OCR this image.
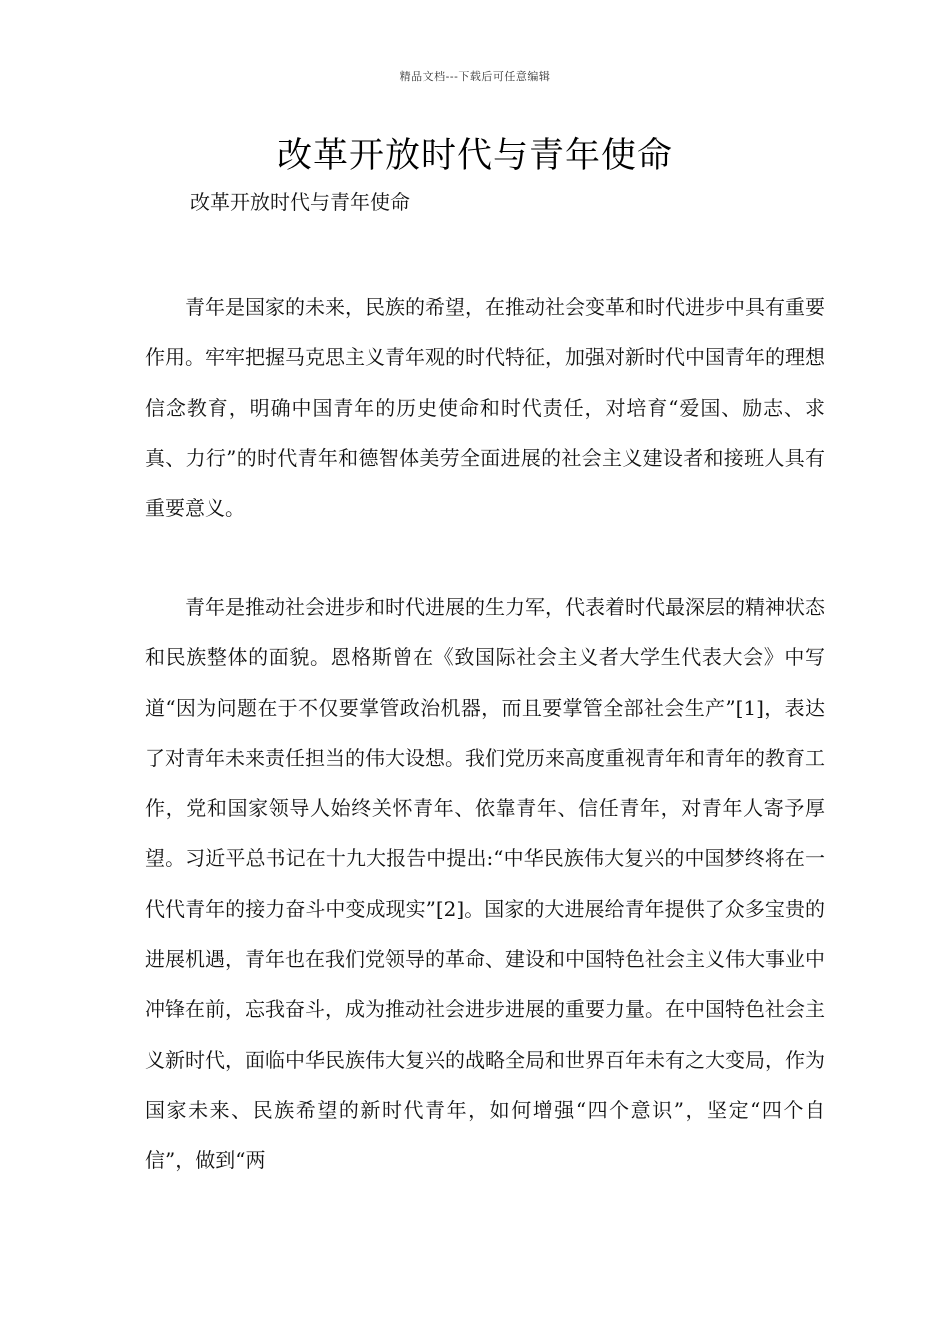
精品文档---下载后可任意编辑
改革开放时代与青年使命
改革开放时代与青年使命

青年是国家的未来，民族的希望，在推动社会变革和时代进步中具有重要作用。牢牢把握马克思主义青年观的时代特征，加强对新时代中国青年的理想信念教育，明确中国青年的历史使命和时代责任，对培育“爱国、励志、求真、力行”的时代青年和德智体美劳全面进展的社会主义建设者和接班人具有重要意义。

青年是推动社会进步和时代进展的生力军，代表着时代最深层的精神状态和民族整体的面貌。恩格斯曾在《致国际社会主义者大学生代表大会》中写道“因为问题在于不仅要掌管政治机器，而且要掌管全部社会生产”[1]，表达了对青年未来责任担当的伟大设想。我们党历来高度重视青年和青年的教育工作，党和国家领导人始终关怀青年、依靠青年、信任青年，对青年人寄予厚望。习近平总书记在十九大报告中提出:“中华民族伟大复兴的中国梦终将在一代代青年的接力奋斗中变成现实”[2]。国家的大进展给青年提供了众多宝贵的进展机遇，青年也在我们党领导的革命、建设和中国特色社会主义伟大事业中冲锋在前，忘我奋斗，成为推动社会进步进展的重要力量。在中国特色社会主义新时代，面临中华民族伟大复兴的战略全局和世界百年未有之大变局，作为国家未来、民族希望的新时代青年，如何增强“四个意识”，坚定“四个自信”，做到“两
